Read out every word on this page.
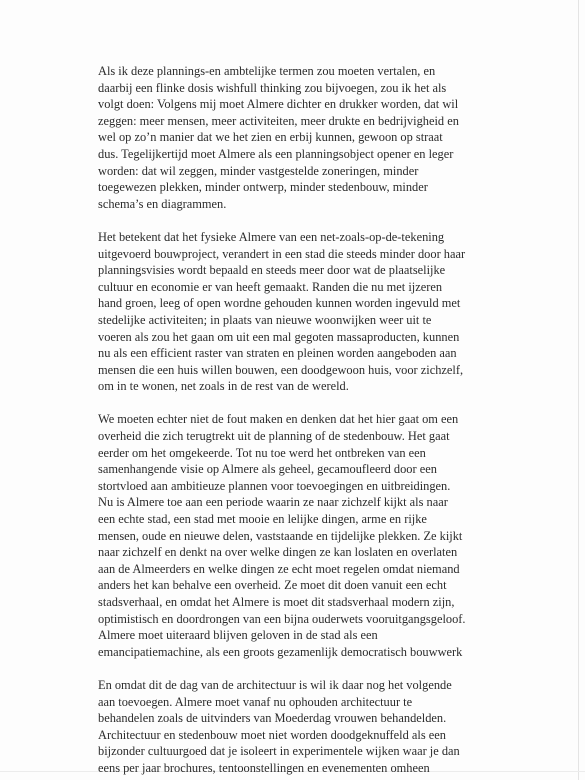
Als ik deze plannings-en ambtelijke termen zou moeten vertalen, en
daarbij een flinke dosis wishfull thinking zou bijvoegen, zou ik het als
volgt doen: Volgens mij moet Almere dichter en drukker worden, dat wil
zeggen: meer mensen, meer activiteiten, meer drukte en bedrijvigheid en
wel op zo’n manier dat we het zien en erbij kunnen, gewoon op straat
dus. Tegelijkertijd moet Almere als een planningsobject opener en leger
worden: dat wil zeggen, minder vastgestelde zoneringen, minder
toegewezen plekken, minder ontwerp, minder stedenbouw, minder
schema’s en diagrammen.

Het betekent dat het fysieke Almere van een net-zoals-op-de-tekening
uitgevoerd bouwproject, verandert in een stad die steeds minder door haar
planningsvisies wordt bepaald en steeds meer door wat de plaatselijke
cultuur en economie er van heeft gemaakt. Randen die nu met ijzeren
hand groen, leeg of open wordne gehouden kunnen worden ingevuld met
stedelijke activiteiten; in plaats van nieuwe woonwijken weer uit te
voeren als zou het gaan om uit een mal gegoten massaproducten, kunnen
nu als een efficient raster van straten en pleinen worden aangeboden aan
mensen die een huis willen bouwen, een doodgewoon huis, voor zichzelf,
om in te wonen, net zoals in de rest van de wereld.

We moeten echter niet de fout maken en denken dat het hier gaat om een
overheid die zich terugtrekt uit de planning of de stedenbouw. Het gaat
eerder om het omgekeerde. Tot nu toe werd het ontbreken van een
samenhangende visie op Almere als geheel, gecamoufleerd door een
stortvloed aan ambitieuze plannen voor toevoegingen en uitbreidingen.
Nu is Almere toe aan een periode waarin ze naar zichzelf kijkt als naar
een echte stad, een stad met mooie en lelijke dingen, arme en rijke
mensen, oude en nieuwe delen, vaststaande en tijdelijke plekken. Ze kijkt
naar zichzelf en denkt na over welke dingen ze kan loslaten en overlaten
aan de Almeerders en welke dingen ze echt moet regelen omdat niemand
anders het kan behalve een overheid. Ze moet dit doen vanuit een echt
stadsverhaal, en omdat het Almere is moet dit stadsverhaal modern zijn,
optimistisch en doordrongen van een bijna ouderwets vooruitgangsgeloof.
Almere moet uiteraard blijven geloven in de stad als een
emancipatiemachine, als een groots gezamenlijk democratisch bouwwerk

En omdat dit de dag van de architectuur is wil ik daar nog het volgende
aan toevoegen. Almere moet vanaf nu ophouden architectuur te
behandelen zoals de uitvinders van Moederdag vrouwen behandelden.
Architectuur en stedenbouw moet niet worden doodgeknuffeld als een
bijzonder cultuurgoed dat je isoleert in experimentele wijken waar je dan
eens per jaar brochures, tentoonstellingen en evenementen omheen
